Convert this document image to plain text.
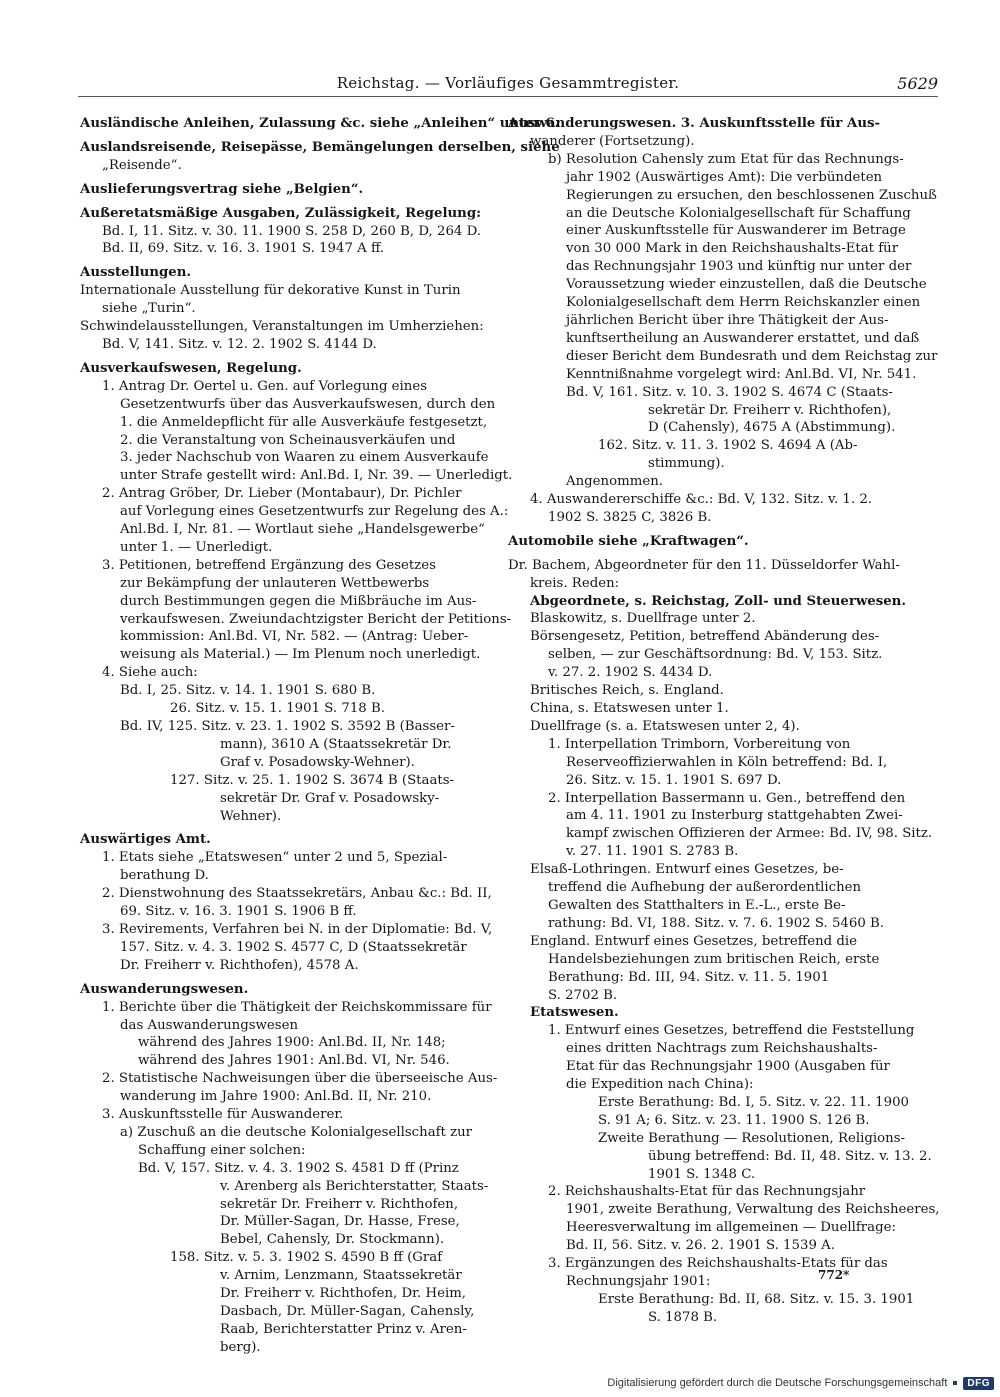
Reichstag. — Vorläufiges Gesammtregister.	5629
Ausländische Anleihen, Zulassung &c. siehe „Anleihen“ unter 6.
Auslandsreisende, Reisepässe, Bemängelungen derselben, siehe
„Reisende“.
Auslieferungsvertrag siehe „Belgien“.
Außeretatsmäßige Ausgaben, Zulässigkeit, Regelung:
Bd. I, 11. Sitz. v. 30. 11. 1900 S. 258 D, 260 B, D, 264 D.
Bd. II, 69. Sitz. v. 16. 3. 1901 S. 1947 A ff.
Ausstellungen.
Internationale Ausstellung für dekorative Kunst in Turin
siehe „Turin“.
Schwindelausstellungen, Veranstaltungen im Umherziehen:
Bd. V, 141. Sitz. v. 12. 2. 1902 S. 4144 D.
Ausverkaufswesen, Regelung.
1. Antrag Dr. Oertel u. Gen. auf Vorlegung eines
Gesetzentwurfs über das Ausverkaufswesen, durch den
1. die Anmeldepflicht für alle Ausverkäufe festgesetzt,
2. die Veranstaltung von Scheinausverkäufen und
3. jeder Nachschub von Waaren zu einem Ausverkaufe
unter Strafe gestellt wird: Anl.Bd. I, Nr. 39. — Unerledigt.
2. Antrag Gröber, Dr. Lieber (Montabaur), Dr. Pichler
auf Vorlegung eines Gesetzentwurfs zur Regelung des A.:
Anl.Bd. I, Nr. 81. — Wortlaut siehe „Handelsgewerbe“
unter 1. — Unerledigt.
3. Petitionen, betreffend Ergänzung des Gesetzes
zur Bekämpfung der unlauteren Wettbewerbs
durch Bestimmungen gegen die Mißbräuche im Aus-
verkaufswesen. Zweiundachtzigster Bericht der Petitions-
kommission: Anl.Bd. VI, Nr. 582. — (Antrag: Ueber-
weisung als Material.) — Im Plenum noch unerledigt.
4. Siehe auch:
Bd. I, 25. Sitz. v. 14. 1. 1901 S. 680 B.
26. Sitz. v. 15. 1. 1901 S. 718 B.
Bd. IV, 125. Sitz. v. 23. 1. 1902 S. 3592 B (Basser-
mann), 3610 A (Staatssekretär Dr.
Graf v. Posadowsky-Wehner).
127. Sitz. v. 25. 1. 1902 S. 3674 B (Staats-
sekretär Dr. Graf v. Posadowsky-
Wehner).
Auswärtiges Amt.
1. Etats siehe „Etatswesen“ unter 2 und 5, Spezial-
berathung D.
2. Dienstwohnung des Staatssekretärs, Anbau &c.: Bd. II,
69. Sitz. v. 16. 3. 1901 S. 1906 B ff.
3. Revirements, Verfahren bei N. in der Diplomatie: Bd. V,
157. Sitz. v. 4. 3. 1902 S. 4577 C, D (Staatssekretär
Dr. Freiherr v. Richthofen), 4578 A.
Auswanderungswesen.
1. Berichte über die Thätigkeit der Reichskommissare für
das Auswanderungswesen
während des Jahres 1900: Anl.Bd. II, Nr. 148;
während des Jahres 1901: Anl.Bd. VI, Nr. 546.
2. Statistische Nachweisungen über die überseeische Aus-
wanderung im Jahre 1900: Anl.Bd. II, Nr. 210.
3. Auskunftsstelle für Auswanderer.
a) Zuschuß an die deutsche Kolonialgesellschaft zur
Schaffung einer solchen:
Bd. V, 157. Sitz. v. 4. 3. 1902 S. 4581 D ff (Prinz
v. Arenberg als Berichterstatter, Staats-
sekretär Dr. Freiherr v. Richthofen,
Dr. Müller-Sagan, Dr. Hasse, Frese,
Bebel, Cahensly, Dr. Stockmann).
158. Sitz. v. 5. 3. 1902 S. 4590 B ff (Graf
v. Arnim, Lenzmann, Staatssekretär
Dr. Freiherr v. Richthofen, Dr. Heim,
Dasbach, Dr. Müller-Sagan, Cahensly,
Raab, Berichterstatter Prinz v. Aren-
berg).
Auswanderungswesen. 3. Auskunftsstelle für Aus-
wanderer (Fortsetzung).
b) Resolution Cahensly zum Etat für das Rechnungs-
jahr 1902 (Auswärtiges Amt): Die verbündeten
Regierungen zu ersuchen, den beschlossenen Zuschuß
an die Deutsche Kolonialgesellschaft für Schaffung
einer Auskunftsstelle für Auswanderer im Betrage
von 30 000 Mark in den Reichshaushalts-Etat für
das Rechnungsjahr 1903 und künftig nur unter der
Voraussetzung wieder einzustellen, daß die Deutsche
Kolonialgesellschaft dem Herrn Reichskanzler einen
jährlichen Bericht über ihre Thätigkeit der Aus-
kunftsertheilung an Auswanderer erstattet, und daß
dieser Bericht dem Bundesrath und dem Reichstag zur
Kenntnißnahme vorgelegt wird: Anl.Bd. VI, Nr. 541.
Bd. V, 161. Sitz. v. 10. 3. 1902 S. 4674 C (Staats-
sekretär Dr. Freiherr v. Richthofen),
D (Cahensly), 4675 A (Abstimmung).
162. Sitz. v. 11. 3. 1902 S. 4694 A (Ab-
stimmung).
Angenommen.
4. Auswandererschiffe &c.: Bd. V, 132. Sitz. v. 1. 2.
1902 S. 3825 C, 3826 B.
Automobile siehe „Kraftwagen“.
Dr. Bachem, Abgeordneter für den 11. Düsseldorfer Wahl-
kreis. Reden:
Abgeordnete, s. Reichstag, Zoll- und Steuerwesen.
Blaskowitz, s. Duellfrage unter 2.
Börsengesetz, Petition, betreffend Abänderung des-
selben, — zur Geschäftsordnung: Bd. V, 153. Sitz.
v. 27. 2. 1902 S. 4434 D.
Britisches Reich, s. England.
China, s. Etatswesen unter 1.
Duellfrage (s. a. Etatswesen unter 2, 4).
1. Interpellation Trimborn, Vorbereitung von
Reserveoffizierwahlen in Köln betreffend: Bd. I,
26. Sitz. v. 15. 1. 1901 S. 697 D.
2. Interpellation Bassermann u. Gen., betreffend den
am 4. 11. 1901 zu Insterburg stattgehabten Zwei-
kampf zwischen Offizieren der Armee: Bd. IV, 98. Sitz.
v. 27. 11. 1901 S. 2783 B.
Elsaß-Lothringen. Entwurf eines Gesetzes, be-
treffend die Aufhebung der außerordentlichen
Gewalten des Statthalters in E.-L., erste Be-
rathung: Bd. VI, 188. Sitz. v. 7. 6. 1902 S. 5460 B.
England. Entwurf eines Gesetzes, betreffend die
Handelsbeziehungen zum britischen Reich, erste
Berathung: Bd. III, 94. Sitz. v. 11. 5. 1901
S. 2702 B.
Etatswesen.
1. Entwurf eines Gesetzes, betreffend die Feststellung
eines dritten Nachtrags zum Reichshaushalts-
Etat für das Rechnungsjahr 1900 (Ausgaben für
die Expedition nach China):
Erste Berathung: Bd. I, 5. Sitz. v. 22. 11. 1900
S. 91 A; 6. Sitz. v. 23. 11. 1900 S. 126 B.
Zweite Berathung — Resolutionen, Religions-
übung betreffend: Bd. II, 48. Sitz. v. 13. 2.
1901 S. 1348 C.
2. Reichshaushalts-Etat für das Rechnungsjahr
1901, zweite Berathung, Verwaltung des Reichsheeres,
Heeresverwaltung im allgemeinen — Duellfrage:
Bd. II, 56. Sitz. v. 26. 2. 1901 S. 1539 A.
3. Ergänzungen des Reichshaushalts-Etats für das
Rechnungsjahr 1901:
Erste Berathung: Bd. II, 68. Sitz. v. 15. 3. 1901
S. 1878 B.
772*
Digitalisierung gefördert durch die Deutsche Forschungsgemeinschaft	DFG
